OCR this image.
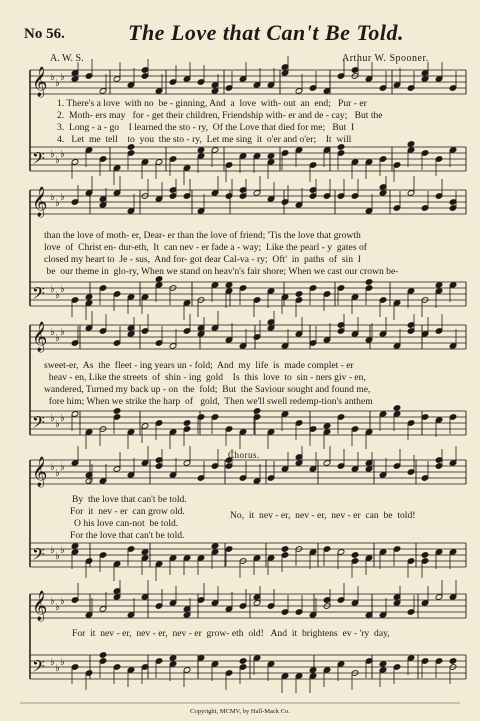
No 56.	The Love that Can't Be Told.
A. W. S.	Arthur W. Spooner.
𝄞 ♭
♭
♭
𝄢 ♭
♭
♭
𝄞 ♭
♭
♭
𝄢 ♭
♭
♭
𝄞 ♭
♭
♭
𝄢 ♭
♭
♭
𝄞 ♭
♭
♭
𝄢 ♭
♭
♭
𝄞 ♭
♭
♭
𝄢 ♭
♭
♭
1. There's a love  with no  be - ginning, And  a  love  with- out  an  end;   Pur - er
2.  Moth- ers may   for - get their children, Friendship with- er and de - cay;   But the
3.  Long - a - go    I learned the sto - ry,  Of the Love that died for me;   But  I
4.   Let  me  tell    to  you  the sto - ry,  Let me sing  it  o'er and o'er;    It  will
than the love of moth- er, Dear- er than the love of friend; 'Tis the love that growth
love  of  Christ en- dur-eth,  It  can nev - er fade a - way;  Like the pearl - y  gates of
closed my heart to  Je - sus,  And for- got dear Cal-va - ry;  Oft'  in  paths  of  sin  I
be  our theme in  glo-ry, When we stand on heav'n's fair shore; When we cast our crown be-
sweet-er,  As  the  fleet - ing years un - fold;  And  my  life  is  made complet - er
heav - en, Like the streets  of  shin - ing  gold    Is  this  love  to  sin - ners giv - en,
wandered, Turned my back up - on  the  fold;  But  the Saviour sought and found me,
fore him; When we strike the harp  of   gold,  Then we'll swell redemp-tion's anthem
Chorus.
By  the love that can't be told.
For  it  nev - er  can grow old.
O his love can-not  be told.
For the love that can't be told.
No,  it  nev - er,  nev - er,  nev - er  can  be  told!
For  it  nev - er,  nev - er,  nev - er  grow- eth  old!   And  it  brightens  ev - 'ry  day,
Copyright, MCMV, by Hall-Mack Co.
